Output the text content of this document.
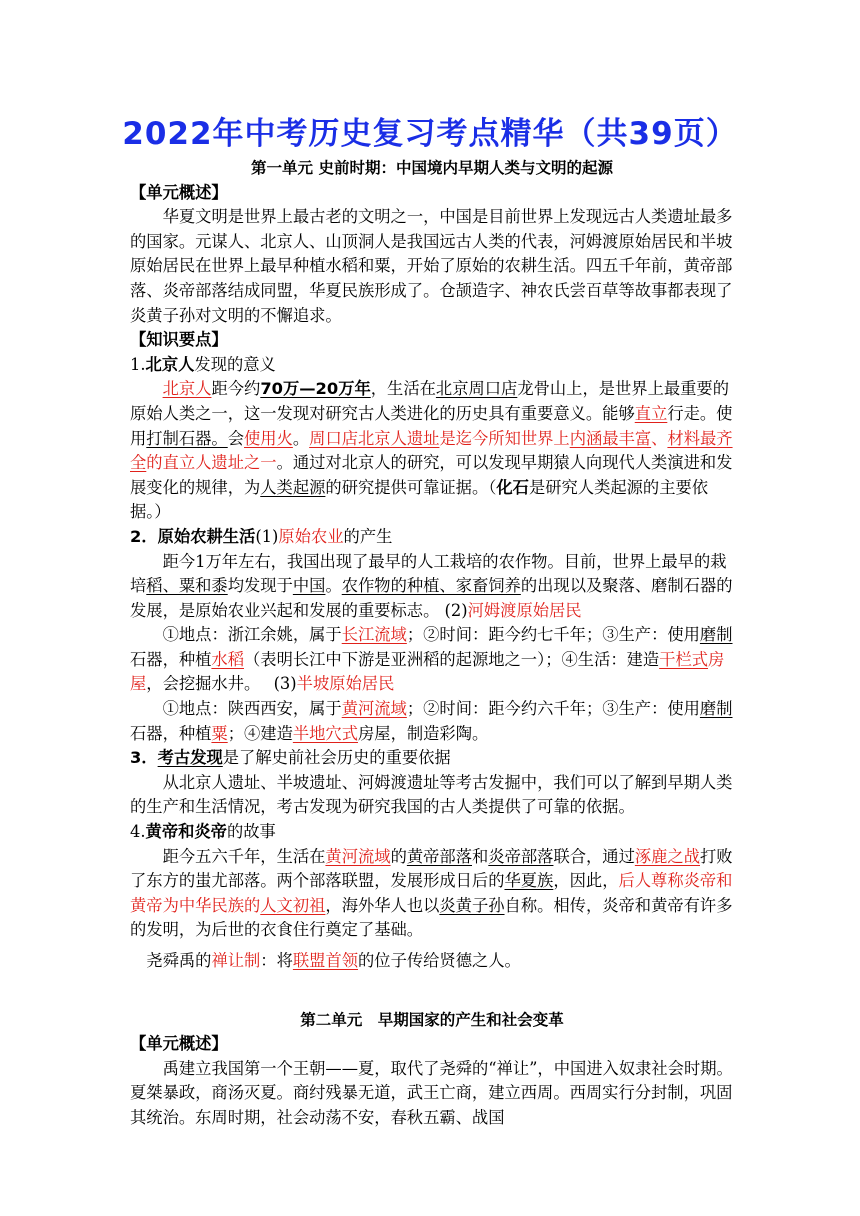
2022年中考历史复习考点精华（共39页）

第一单元 史前时期：中国境内早期人类与文明的起源

【单元概述】

华夏文明是世界上最古老的文明之一，中国是目前世界上发现远古人类遗址最多的国家。元谋人、北京人、山顶洞人是我国远古人类的代表，河姆渡原始居民和半坡原始居民在世界上最早种植水稻和粟，开始了原始的农耕生活。四五千年前，黄帝部落、炎帝部落结成同盟，华夏民族形成了。仓颉造字、神农氏尝百草等故事都表现了炎黄子孙对文明的不懈追求。

【知识要点】

1.北京人发现的意义

北京人距今约70万—20万年，生活在北京周口店龙骨山上，是世界上最重要的原始人类之一，这一发现对研究古人类进化的历史具有重要意义。能够直立行走。使用打制石器。会使用火。周口店北京人遗址是迄今所知世界上内涵最丰富、材料最齐全的直立人遗址之一。通过对北京人的研究，可以发现早期猿人向现代人类演进和发展变化的规律，为人类起源的研究提供可靠证据。（化石是研究人类起源的主要依据。）

2．原始农耕生活(1)原始农业的产生

距今1万年左右，我国出现了最早的人工栽培的农作物。目前，世界上最早的栽培稻、粟和黍均发现于中国。农作物的种植、家畜饲养的出现以及聚落、磨制石器的发展，是原始农业兴起和发展的重要标志。 (2)河姆渡原始居民

①地点：浙江余姚，属于长江流域；②时间：距今约七千年；③生产：使用磨制石器，种植水稻（表明长江中下游是亚洲稻的起源地之一）；④生活：建造干栏式房屋，会挖掘水井。　 (3)半坡原始居民

①地点：陕西西安，属于黄河流域；②时间：距今约六千年；③生产：使用磨制石器，种植粟；④建造半地穴式房屋，制造彩陶。

3．考古发现是了解史前社会历史的重要依据

从北京人遗址、半坡遗址、河姆渡遗址等考古发掘中，我们可以了解到早期人类的生产和生活情况，考古发现为研究我国的古人类提供了可靠的依据。

4.黄帝和炎帝的故事

距今五六千年，生活在黄河流域的黄帝部落和炎帝部落联合，通过涿鹿之战打败了东方的蚩尤部落。两个部落联盟，发展形成日后的华夏族，因此，后人尊称炎帝和黄帝为中华民族的人文初祖，海外华人也以炎黄子孙自称。相传，炎帝和黄帝有许多的发明，为后世的衣食住行奠定了基础。

尧舜禹的禅让制：将联盟首领的位子传给贤德之人。

第二单元　早期国家的产生和社会变革

【单元概述】

禹建立我国第一个王朝——夏，取代了尧舜的“禅让”，中国进入奴隶社会时期。夏桀暴政，商汤灭夏。商纣残暴无道，武王亡商，建立西周。西周实行分封制，巩固其统治。东周时期，社会动荡不安，春秋五霸、战国
